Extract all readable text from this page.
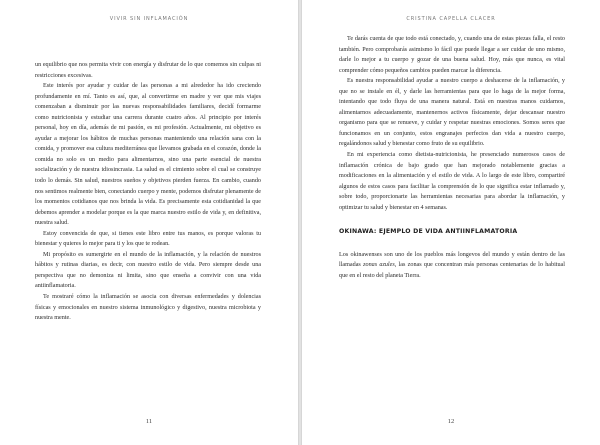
VIVIR SIN INFLAMACIÓN

un equilibrio que nos permita vivir con energía y disfrutar de lo que comemos sin culpas ni restricciones excesivas.

Este interés por ayudar y cuidar de las personas a mi alrededor ha ido creciendo profundamente en mí. Tanto es así, que, al convertirme en madre y ver que mis viajes comenzaban a disminuir por las nuevas responsabilidades familiares, decidí formarme como nutricionista y estudiar una carrera durante cuatro años. Al principio por interés personal, hoy en día, además de mi pasión, es mi profesión. Actualmente, mi objetivo es ayudar a mejorar los hábitos de muchas personas manteniendo una relación sana con la comida, y promover esa cultura mediterránea que llevamos grabada en el corazón, donde la comida no solo es un medio para alimentarnos, sino una parte esencial de nuestra socialización y de nuestra idiosincrasia. La salud es el cimiento sobre el cual se construye todo lo demás. Sin salud, nuestros sueños y objetivos pierden fuerza. En cambio, cuando nos sentimos realmente bien, conectando cuerpo y mente, podemos disfrutar plenamente de los momentos cotidianos que nos brinda la vida. Es precisamente esta cotidianidad la que debemos aprender a modelar porque es la que marca nuestro estilo de vida y, en definitiva, nuestra salud.

Estoy convencida de que, si tienes este libro entre tus manos, es porque valoras tu bienestar y quieres lo mejor para ti y los que te rodean.

Mi propósito es sumergirte en el mundo de la inflamación, y la relación de nuestros hábitos y rutinas diarias, es decir, con nuestro estilo de vida. Pero siempre desde una perspectiva que no demoniza ni limita, sino que enseña a convivir con una vida antiinflamatoria.

Te mostraré cómo la inflamación se asocia con diversas enfermedades y dolencias físicas y emocionales en nuestro sistema inmunológico y digestivo, nuestra microbiota y nuestra mente.

11
CRISTINA CAPELLA CLACER

Te darás cuenta de que todo está conectado, y, cuando una de estas piezas falla, el resto también. Pero comprobarás asimismo lo fácil que puede llegar a ser cuidar de uno mismo, darle lo mejor a tu cuerpo y gozar de una buena salud. Hoy, más que nunca, es vital comprender cómo pequeños cambios pueden marcar la diferencia.

Es nuestra responsabilidad ayudar a nuestro cuerpo a deshacerse de la inflamación, y que no se instale en él, y darle las herramientas para que lo haga de la mejor forma, intentando que todo fluya de una manera natural. Está en nuestras manos cuidarnos, alimentarnos adecuadamente, mantenernos activos físicamente, dejar descansar nuestro organismo para que se renueve, y cuidar y respetar nuestras emociones. Somos seres que funcionamos en un conjunto, estos engranajes perfectos dan vida a nuestro cuerpo, regalándonos salud y bienestar como fruto de su equilibrio.

En mi experiencia como dietista-nutricionista, he presenciado numerosos casos de inflamación crónica de bajo grado que han mejorado notablemente gracias a modificaciones en la alimentación y el estilo de vida. A lo largo de este libro, compartiré algunos de estos casos para facilitar la comprensión de lo que significa estar inflamado y, sobre todo, proporcionarte las herramientas necesarias para abordar la inflamación, y optimizar tu salud y bienestar en 4 semanas.

OKINAWA: EJEMPLO DE VIDA ANTIINFLAMATORIA

Los okinawenses son uno de los pueblos más longevos del mundo y están dentro de las llamadas zonas azules, las zonas que concentran más personas centenarias de lo habitual que en el resto del planeta Tierra.

12
